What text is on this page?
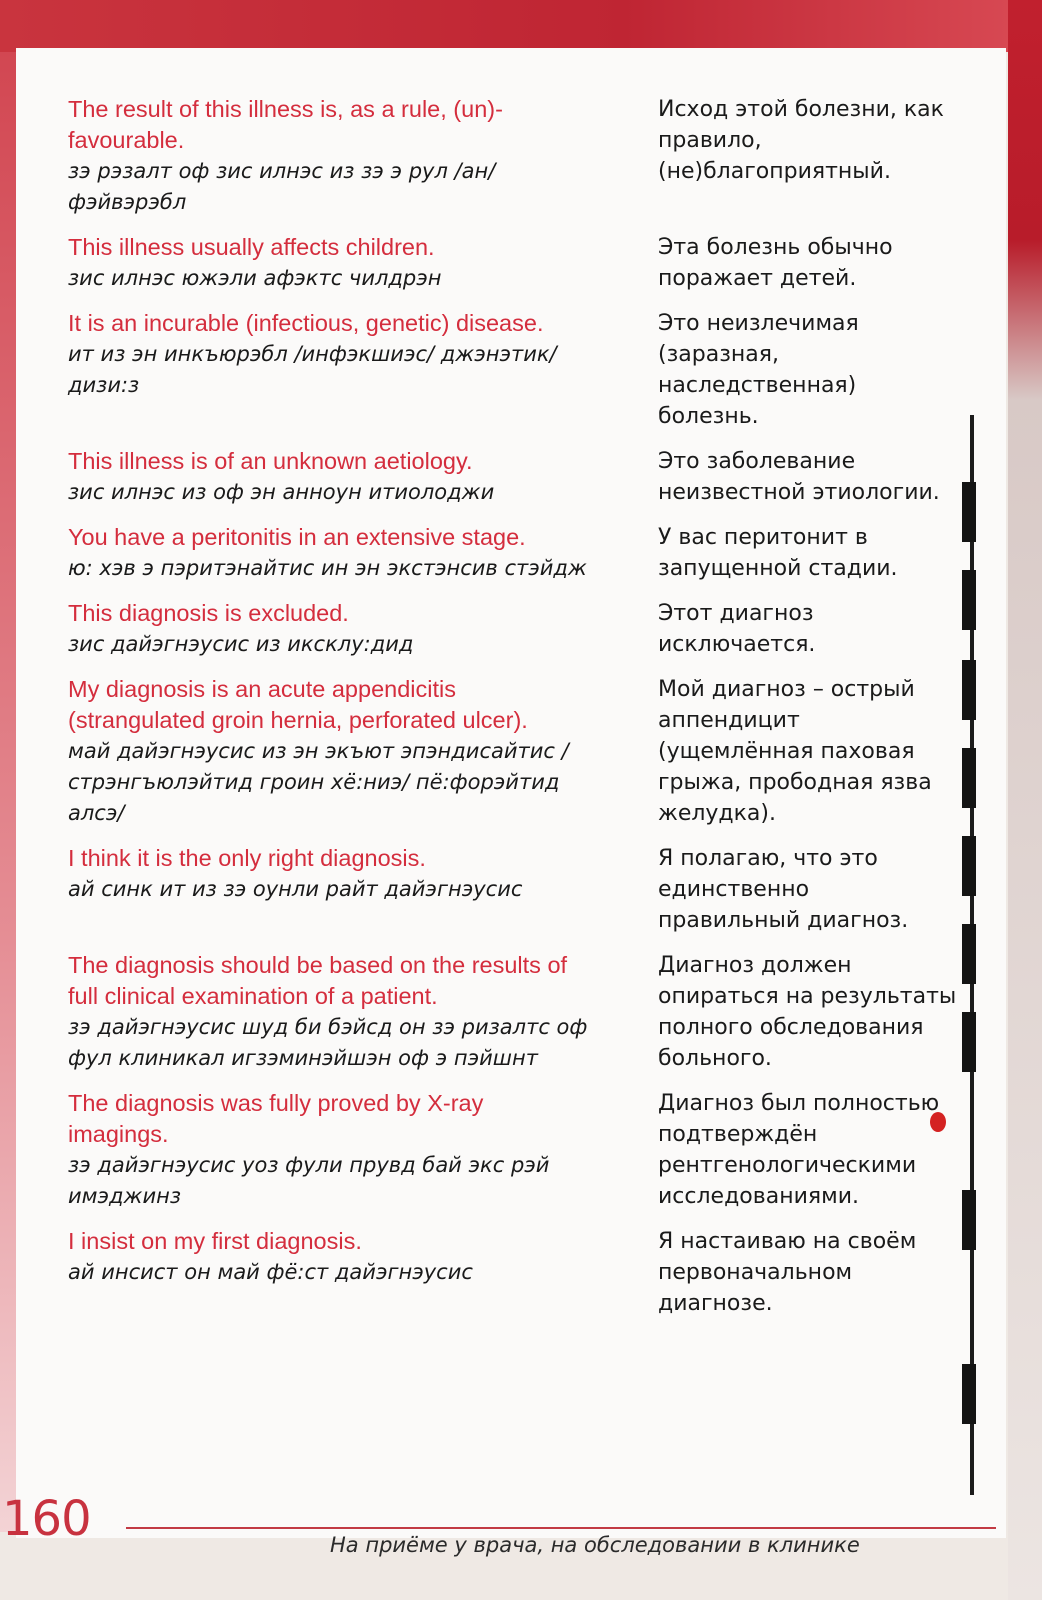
The result of this illness is, as a rule, (un)-favourable.
зэ рэзалт оф зис илнэс из зэ э рул /ан/ фэйвэрэбл
Исход этой болезни, как правило, (не)благоприятный.
This illness usually affects children.
зис илнэс южэли афэктс чилдрэн
Эта болезнь обычно поражает детей.
It is an incurable (infectious, genetic) disease.
ит из эн инкъюрэбл /инфэкшиэс/ джэнэтик/ дизи:з
Это неизлечимая (заразная, наследственная) болезнь.
This illness is of an unknown aetiology.
зис илнэс из оф эн анноун итиолоджи
Это заболевание неизвестной этиологии.
You have a peritonitis in an extensive stage.
ю: хэв э пэритэнайтис ин эн экстэнсив стэйдж
У вас перитонит в запущенной стадии.
This diagnosis is excluded.
зис дайэгнэусис из иксклу:дид
Этот диагноз исключается.
My diagnosis is an acute appendicitis (strangulated groin hernia, perforated ulcer).
май дайэгнэусис из эн экъют эпэндисайтис /стрэнгъюлэйтид гроин хё:ниэ/ пё:форэйтид алсэ/
Мой диагноз – острый аппендицит (ущемлённая паховая грыжа, прободная язва желудка).
I think it is the only right diagnosis.
ай синк ит из зэ оунли райт дайэгнэусис
Я полагаю, что это единственно правильный диагноз.
The diagnosis should be based on the results of full clinical examination of a patient.
зэ дайэгнэусис шуд би бэйсд он зэ ризалтс оф фул клиникал игзэминэйшэн оф э пэйшнт
Диагноз должен опираться на результаты полного обследования больного.
The diagnosis was fully proved by X-ray imagings.
зэ дайэгнэусис уоз фули прувд бай экс рэй имэджинз
Диагноз был полностью подтверждён рентгенологическими исследованиями.
I insist on my first diagnosis.
ай инсист он май фё:ст дайэгнэусис
Я настаиваю на своём первоначальном диагнозе.
160	На приёме у врача, на обследовании в клинике
